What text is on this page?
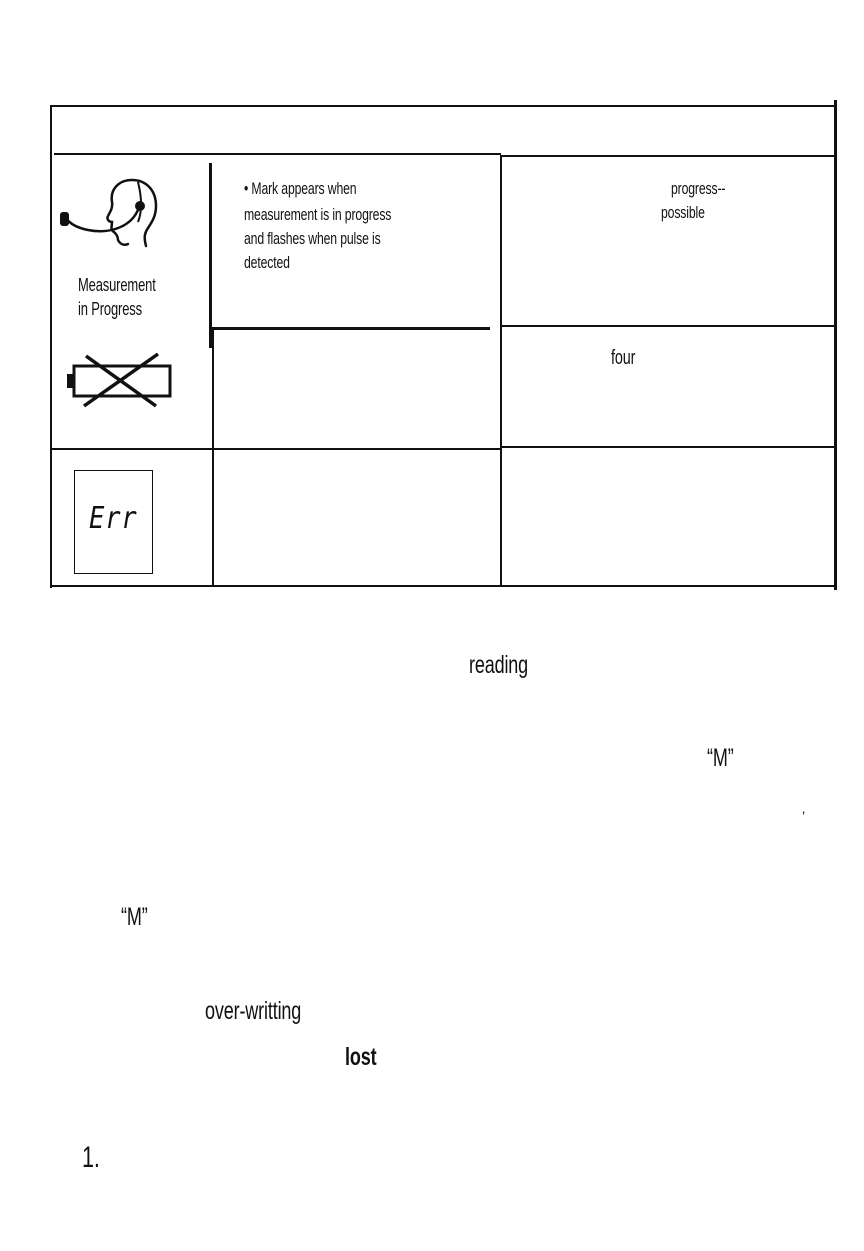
Measurement
in Progress
• Mark appears when
measurement is in progress
and flashes when pulse is
detected
progress--
possible
four
Err
reading
“M”
‚
“M”
over-writting
lost
1.
